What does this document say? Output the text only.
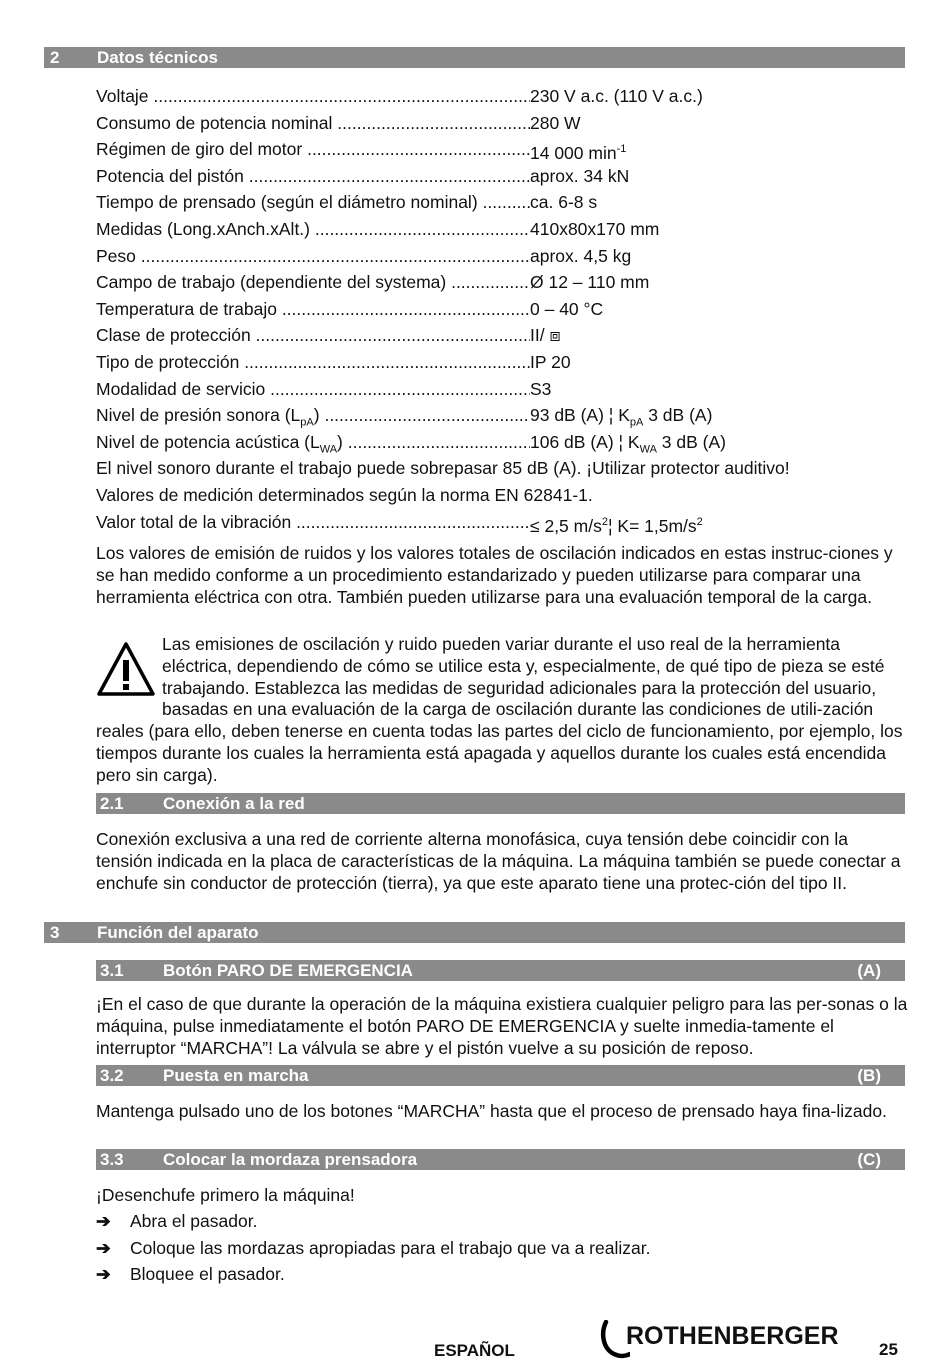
2 Datos técnicos
Voltaje .....	230 V a.c. (110 V a.c.)
Consumo de potencia nominal .....	280 W
Régimen de giro del motor .....	14 000 $\min^{-1}$
Potencia del pistón .....	aprox. 34 kN
Tiempo de prensado (según el diámetro nominal) .....	ca. 6-8 s
Medidas (Long.xAnch.xAlt.) .....	410x80x170 mm
Peso .....	aprox. 4,5 kg
Campo de trabajo (dependiente del systema) .....	Ø 12 – 110 mm
Temperatura de trabajo .....	0 – 40 °C
Clase de protección .....	II/ ⧈
Tipo de protección .....	IP 20
Modalidad de servicio .....	S3
Nivel de presión sonora $(L_{pA})$ .....	93 dB (A) ¦ $K_{pA}$ 3 dB (A)
Nivel de potencia acústica $(L_{WA})$ .....	106 dB (A) ¦ $K_{WA}$ 3 dB (A)
El nivel sonoro durante el trabajo puede sobrepasar 85 dB (A). ¡Utilizar protector auditivo!
Valores de medición determinados según la norma EN 62841-1.
Valor total de la vibración .....	≤ 2,5 $m/s^2¦$ $K= 1,5m/s^2$

Los valores de emisión de ruidos y los valores totales de oscilación indicados en estas instruc-ciones y se han medido conforme a un procedimiento estandarizado y pueden utilizarse para comparar una herramienta eléctrica con otra. También pueden utilizarse para una evaluación temporal de la carga.

Las emisiones de oscilación y ruido pueden variar durante el uso real de la herramienta eléctrica, dependiendo de cómo se utilice esta y, especialmente, de qué tipo de pieza se esté trabajando. Establezca las medidas de seguridad adicionales para la protección del usuario, basadas en una evaluación de la carga de oscilación durante las condiciones de utili-zación reales (para ello, deben tenerse en cuenta todas las partes del ciclo de funcionamiento, por ejemplo, los tiempos durante los cuales la herramienta está apagada y aquellos durante los cuales está encendida pero sin carga).
2.1 Conexión a la red

Conexión exclusiva a una red de corriente alterna monofásica, cuya tensión debe coincidir con la tensión indicada en la placa de características de la máquina. La máquina también se puede conectar a enchufe sin conductor de protección (tierra), ya que este aparato tiene una protec-ción del tipo II.

3 Función del aparato
3.1 Botón PARO DE EMERGENCIA	(A)

¡En el caso de que durante la operación de la máquina existiera cualquier peligro para las per-sonas o la máquina, pulse inmediatamente el botón PARO DE EMERGENCIA y suelte inmedia-tamente el interruptor “MARCHA”! La válvula se abre y el pistón vuelve a su posición de reposo.

3.2 Puesta en marcha	(B)

Mantenga pulsado uno de los botones “MARCHA” hasta que el proceso de prensado haya fina-lizado.

3.3 Colocar la mordaza prensadora	(C)

¡Desenchufe primero la máquina!

➔ Abra el pasador.
➔ Coloque las mordazas apropiadas para el trabajo que va a realizar.
➔ Bloquee el pasador.
ESPAÑOL
ROTHENBERGER 25
